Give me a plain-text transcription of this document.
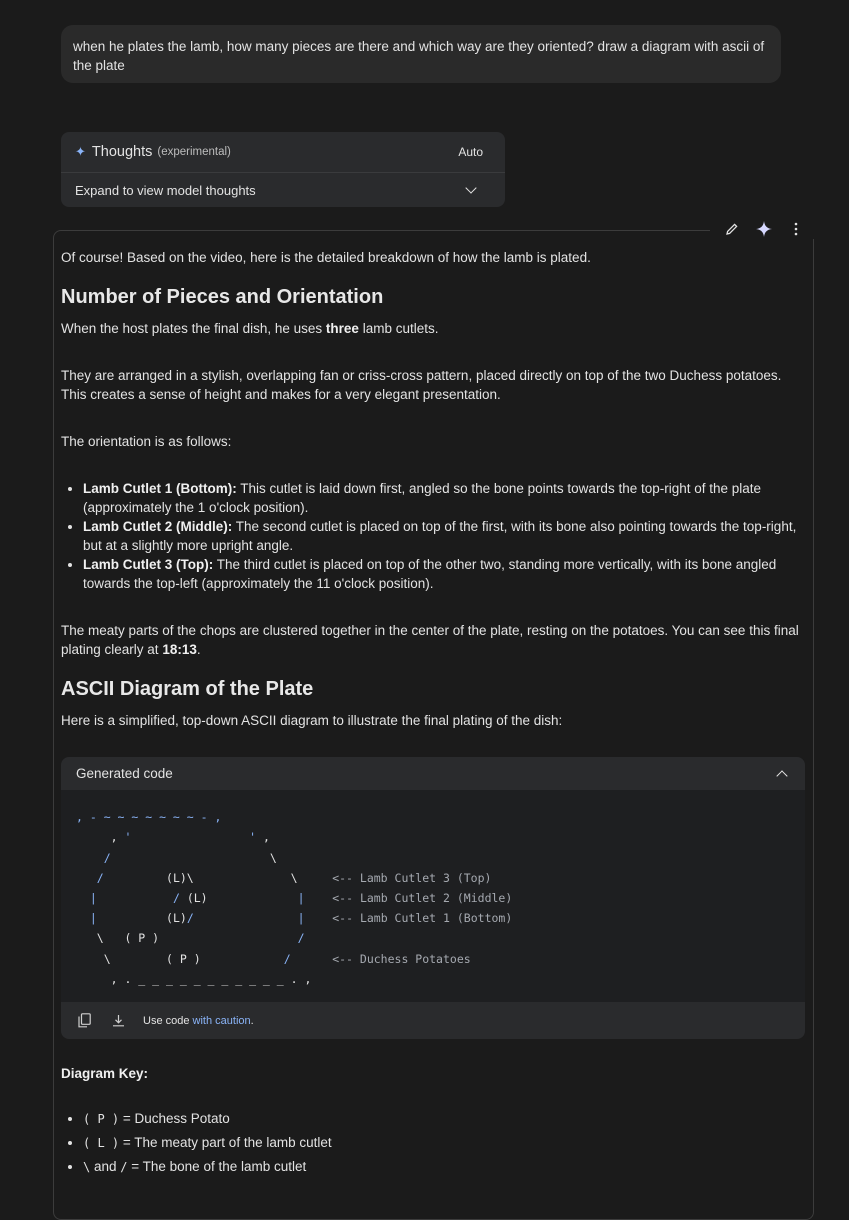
when he plates the lamb, how many pieces are there and which way are they oriented? draw a diagram with ascii of the plate
✦ Thoughts (experimental)	Auto
Expand to view model thoughts

Of course! Based on the video, here is the detailed breakdown of how the lamb is plated.

Number of Pieces and Orientation

When the host plates the final dish, he uses three lamb cutlets.

They are arranged in a stylish, overlapping fan or criss-cross pattern, placed directly on top of the two Duchess potatoes. This creates a sense of height and makes for a very elegant presentation.

The orientation is as follows:

• Lamb Cutlet 1 (Bottom): This cutlet is laid down first, angled so the bone points towards the top-right of the plate (approximately the 1 o'clock position).
• Lamb Cutlet 2 (Middle): The second cutlet is placed on top of the first, with its bone also pointing towards the top-right, but at a slightly more upright angle.
• Lamb Cutlet 3 (Top): The third cutlet is placed on top of the other two, standing more vertically, with its bone angled towards the top-left (approximately the 11 o'clock position).

The meaty parts of the chops are clustered together in the center of the plate, resting on the potatoes. You can see this final plating clearly at 18:13.

ASCII Diagram of the Plate

Here is a simplified, top-down ASCII diagram to illustrate the final plating of the dish:

Generated code
, - ~ ~ ~ ~ ~ ~ ~ - ,
, '	' ,
/                       \
/         (L)\              \     <-- Lamb Cutlet 3 (Top)
|	/ (L)             | <-- Lamb Cutlet 2 (Middle)
|          (L)/	| <-- Lamb Cutlet 1 (Bottom)
\   ( P )                    /
\        ( P )            /	<-- Duchess Potatoes
, . _ _ _ _ _ _ _ _ _ _ _ . ,
Use code with caution.
Diagram Key:
• ( P ) = Duchess Potato
• ( L ) = The meaty part of the lamb cutlet
• \ and / = The bone of the lamb cutlet
